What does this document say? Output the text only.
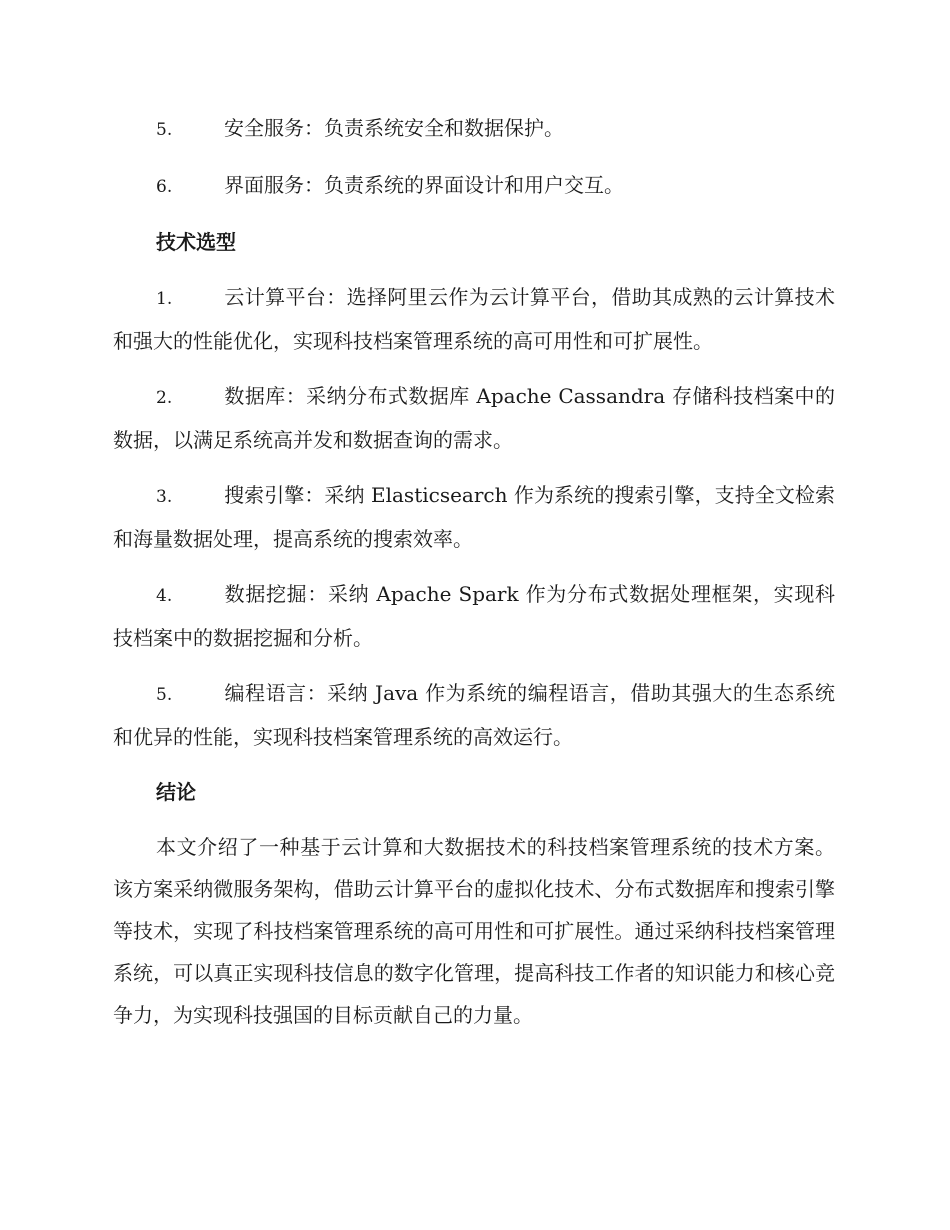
5.	安全服务：负责系统安全和数据保护。

6.	界面服务：负责系统的界面设计和用户交互。

技术选型

1.	云计算平台：选择阿里云作为云计算平台，借助其成熟的云计算技术和强大的性能优化，实现科技档案管理系统的高可用性和可扩展性。

2.	数据库：采纳分布式数据库 Apache Cassandra 存储科技档案中的数据，以满足系统高并发和数据查询的需求。

3.	搜索引擎：采纳 Elasticsearch 作为系统的搜索引擎，支持全文检索和海量数据处理，提高系统的搜索效率。

4.	数据挖掘：采纳 Apache Spark 作为分布式数据处理框架，实现科技档案中的数据挖掘和分析。

5.	编程语言：采纳 Java 作为系统的编程语言，借助其强大的生态系统和优异的性能，实现科技档案管理系统的高效运行。

结论

本文介绍了一种基于云计算和大数据技术的科技档案管理系统的技术方案。该方案采纳微服务架构，借助云计算平台的虚拟化技术、分布式数据库和搜索引擎等技术，实现了科技档案管理系统的高可用性和可扩展性。通过采纳科技档案管理系统，可以真正实现科技信息的数字化管理，提高科技工作者的知识能力和核心竞争力，为实现科技强国的目标贡献自己的力量。
